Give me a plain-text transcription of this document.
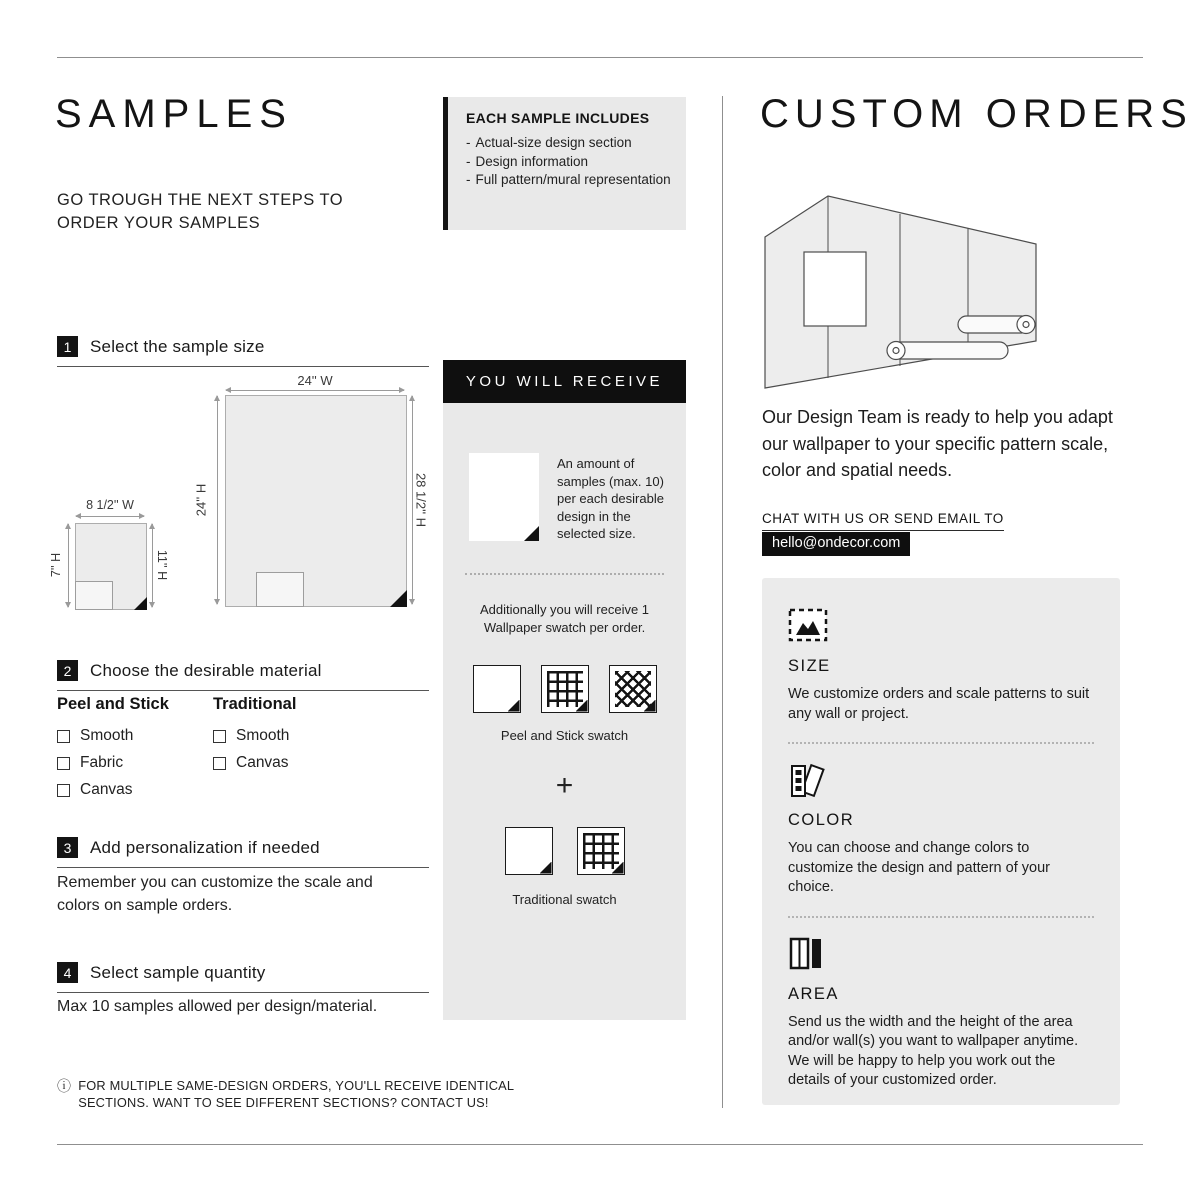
SAMPLES
GO TROUGH THE NEXT STEPS TO ORDER YOUR SAMPLES
EACH SAMPLE INCLUDES
- Actual-size design section
- Design information
- Full pattern/mural representation
1	Select the sample size
24'' W
24'' H	28 1/2'' H
8 1/2'' W
7'' H	11'' H
2	Choose the desirable material
Peel and Stick
Smooth
Fabric
Canvas
Traditional
Smooth
Canvas
3	Add personalization if needed
Remember you can customize the scale and colors on sample orders.
4	Select sample quantity
Max 10 samples allowed per design/material.
ⓘ FOR MULTIPLE SAME-DESIGN ORDERS, YOU'LL RECEIVE IDENTICAL SECTIONS. WANT TO SEE DIFFERENT SECTIONS? CONTACT US!
YOU WILL RECEIVE
An amount of samples (max. 10) per each desirable design in the selected size.
Additionally you will receive 1 Wallpaper swatch per order.
Peel and Stick swatch
+
Traditional swatch
CUSTOM ORDERS
Our Design Team is ready to help you adapt our wallpaper to your specific pattern scale, color and spatial needs.
CHAT WITH US OR SEND EMAIL TO
hello@ondecor.com
SIZE

We customize orders and scale patterns to suit any wall or project.

COLOR

You can choose and change colors to customize the design and pattern of your choice.

AREA

Send us the width and the height of the area and/or wall(s) you want to wallpaper anytime. We will be happy to help you work out the details of your customized order.
